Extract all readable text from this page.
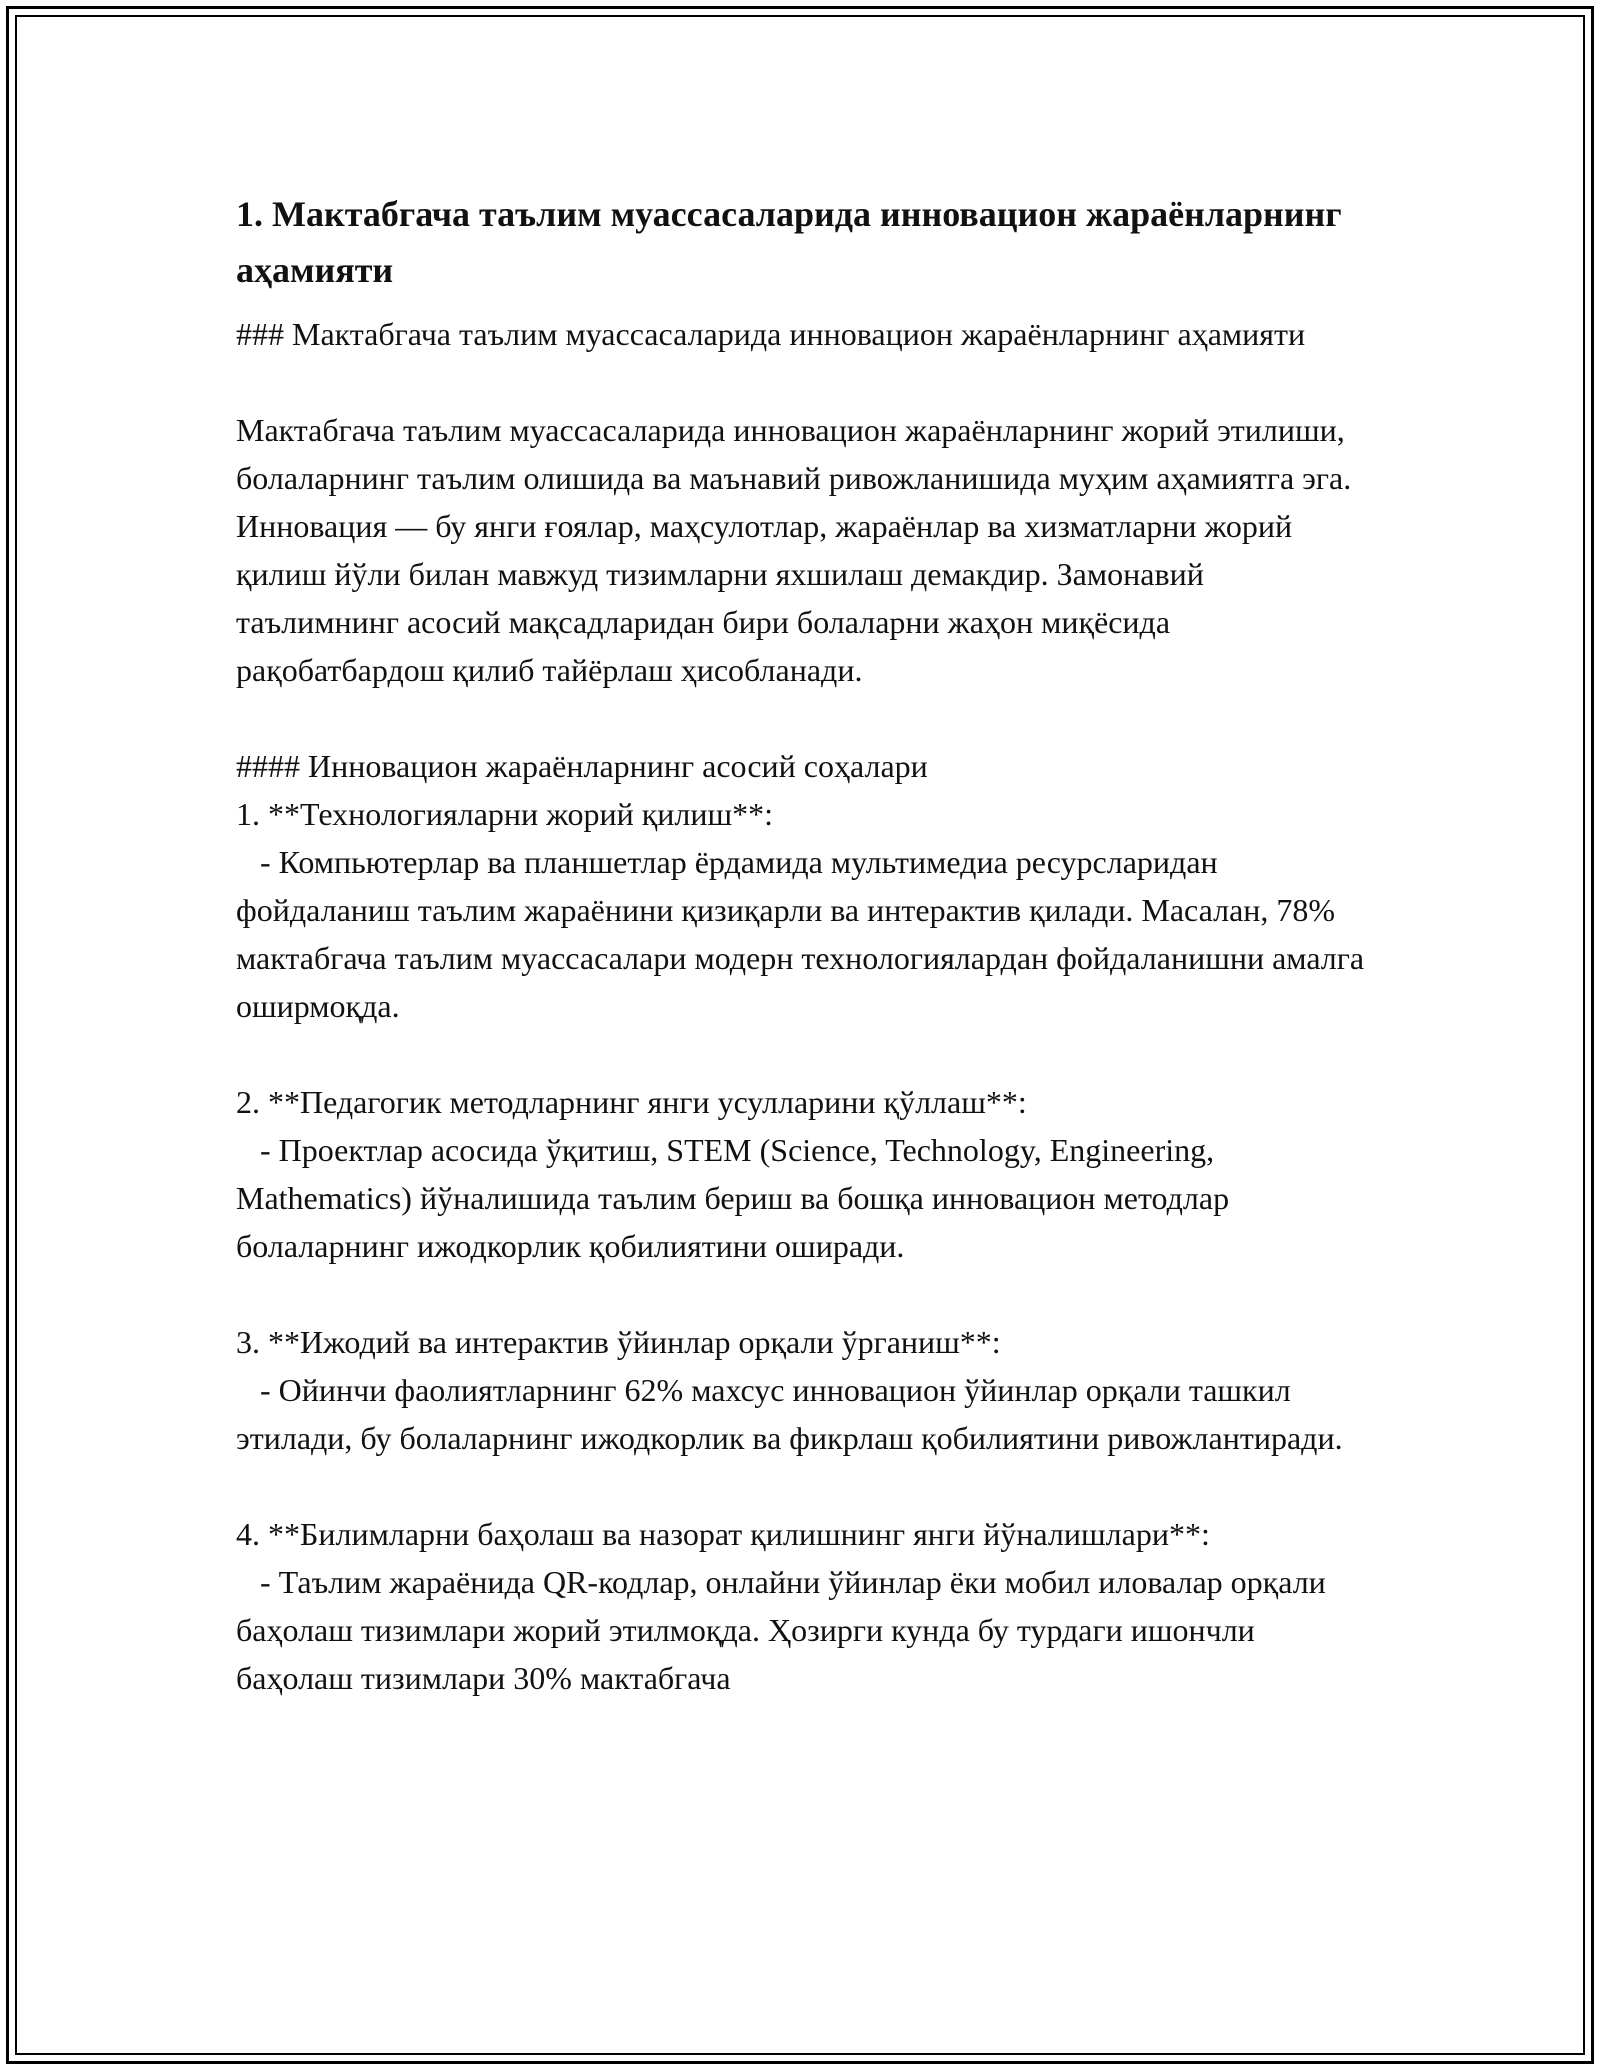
1. Мактабгача таълим муассасаларида инновацион жараёнларнинг аҳамияти

### Мактабгача таълим муассасаларида инновацион жараёнларнинг аҳамияти

Мактабгача таълим муассасаларида инновацион жараёнларнинг жорий этилиши, болаларнинг таълим олишида ва маънавий ривожланишида муҳим аҳамиятга эга. Инновация — бу янги ғоялар, маҳсулотлар, жараёнлар ва хизматларни жорий қилиш йўли билан мавжуд тизимларни яхшилаш демакдир. Замонавий таълимнинг асосий мақсадларидан бири болаларни жаҳон миқёсида рақобатбардош қилиб тайёрлаш ҳисобланади.

#### Инновацион жараёнларнинг асосий соҳалари
1. **Технологияларни жорий қилиш**:
- Компьютерлар ва планшетлар ёрдамида мультимедиа ресурсларидан фойдаланиш таълим жараёнини қизиқарли ва интерактив қилади. Масалан, 78% мактабгача таълим муассасалари модерн технологиялардан фойдаланишни амалга оширмоқда.

2. **Педагогик методларнинг янги усулларини қўллаш**:
- Проектлар асосида ўқитиш, STEM (Science, Technology, Engineering, Mathematics) йўналишида таълим бериш ва бошқа инновацион методлар болаларнинг ижодкорлик қобилиятини оширади.

3. **Ижодий ва интерактив ўйинлар орқали ўрганиш**:
- Ойинчи фаолиятларнинг 62% махсус инновацион ўйинлар орқали ташкил этилади, бу болаларнинг ижодкорлик ва фикрлаш қобилиятини ривожлантиради.

4. **Билимларни баҳолаш ва назорат қилишнинг янги йўналишлари**:
- Таълим жараёнида QR-кодлар, онлайни ўйинлар ёки мобил иловалар орқали баҳолаш тизимлари жорий этилмоқда. Ҳозирги кунда бу турдаги ишончли баҳолаш тизимлари 30% мактабгача
